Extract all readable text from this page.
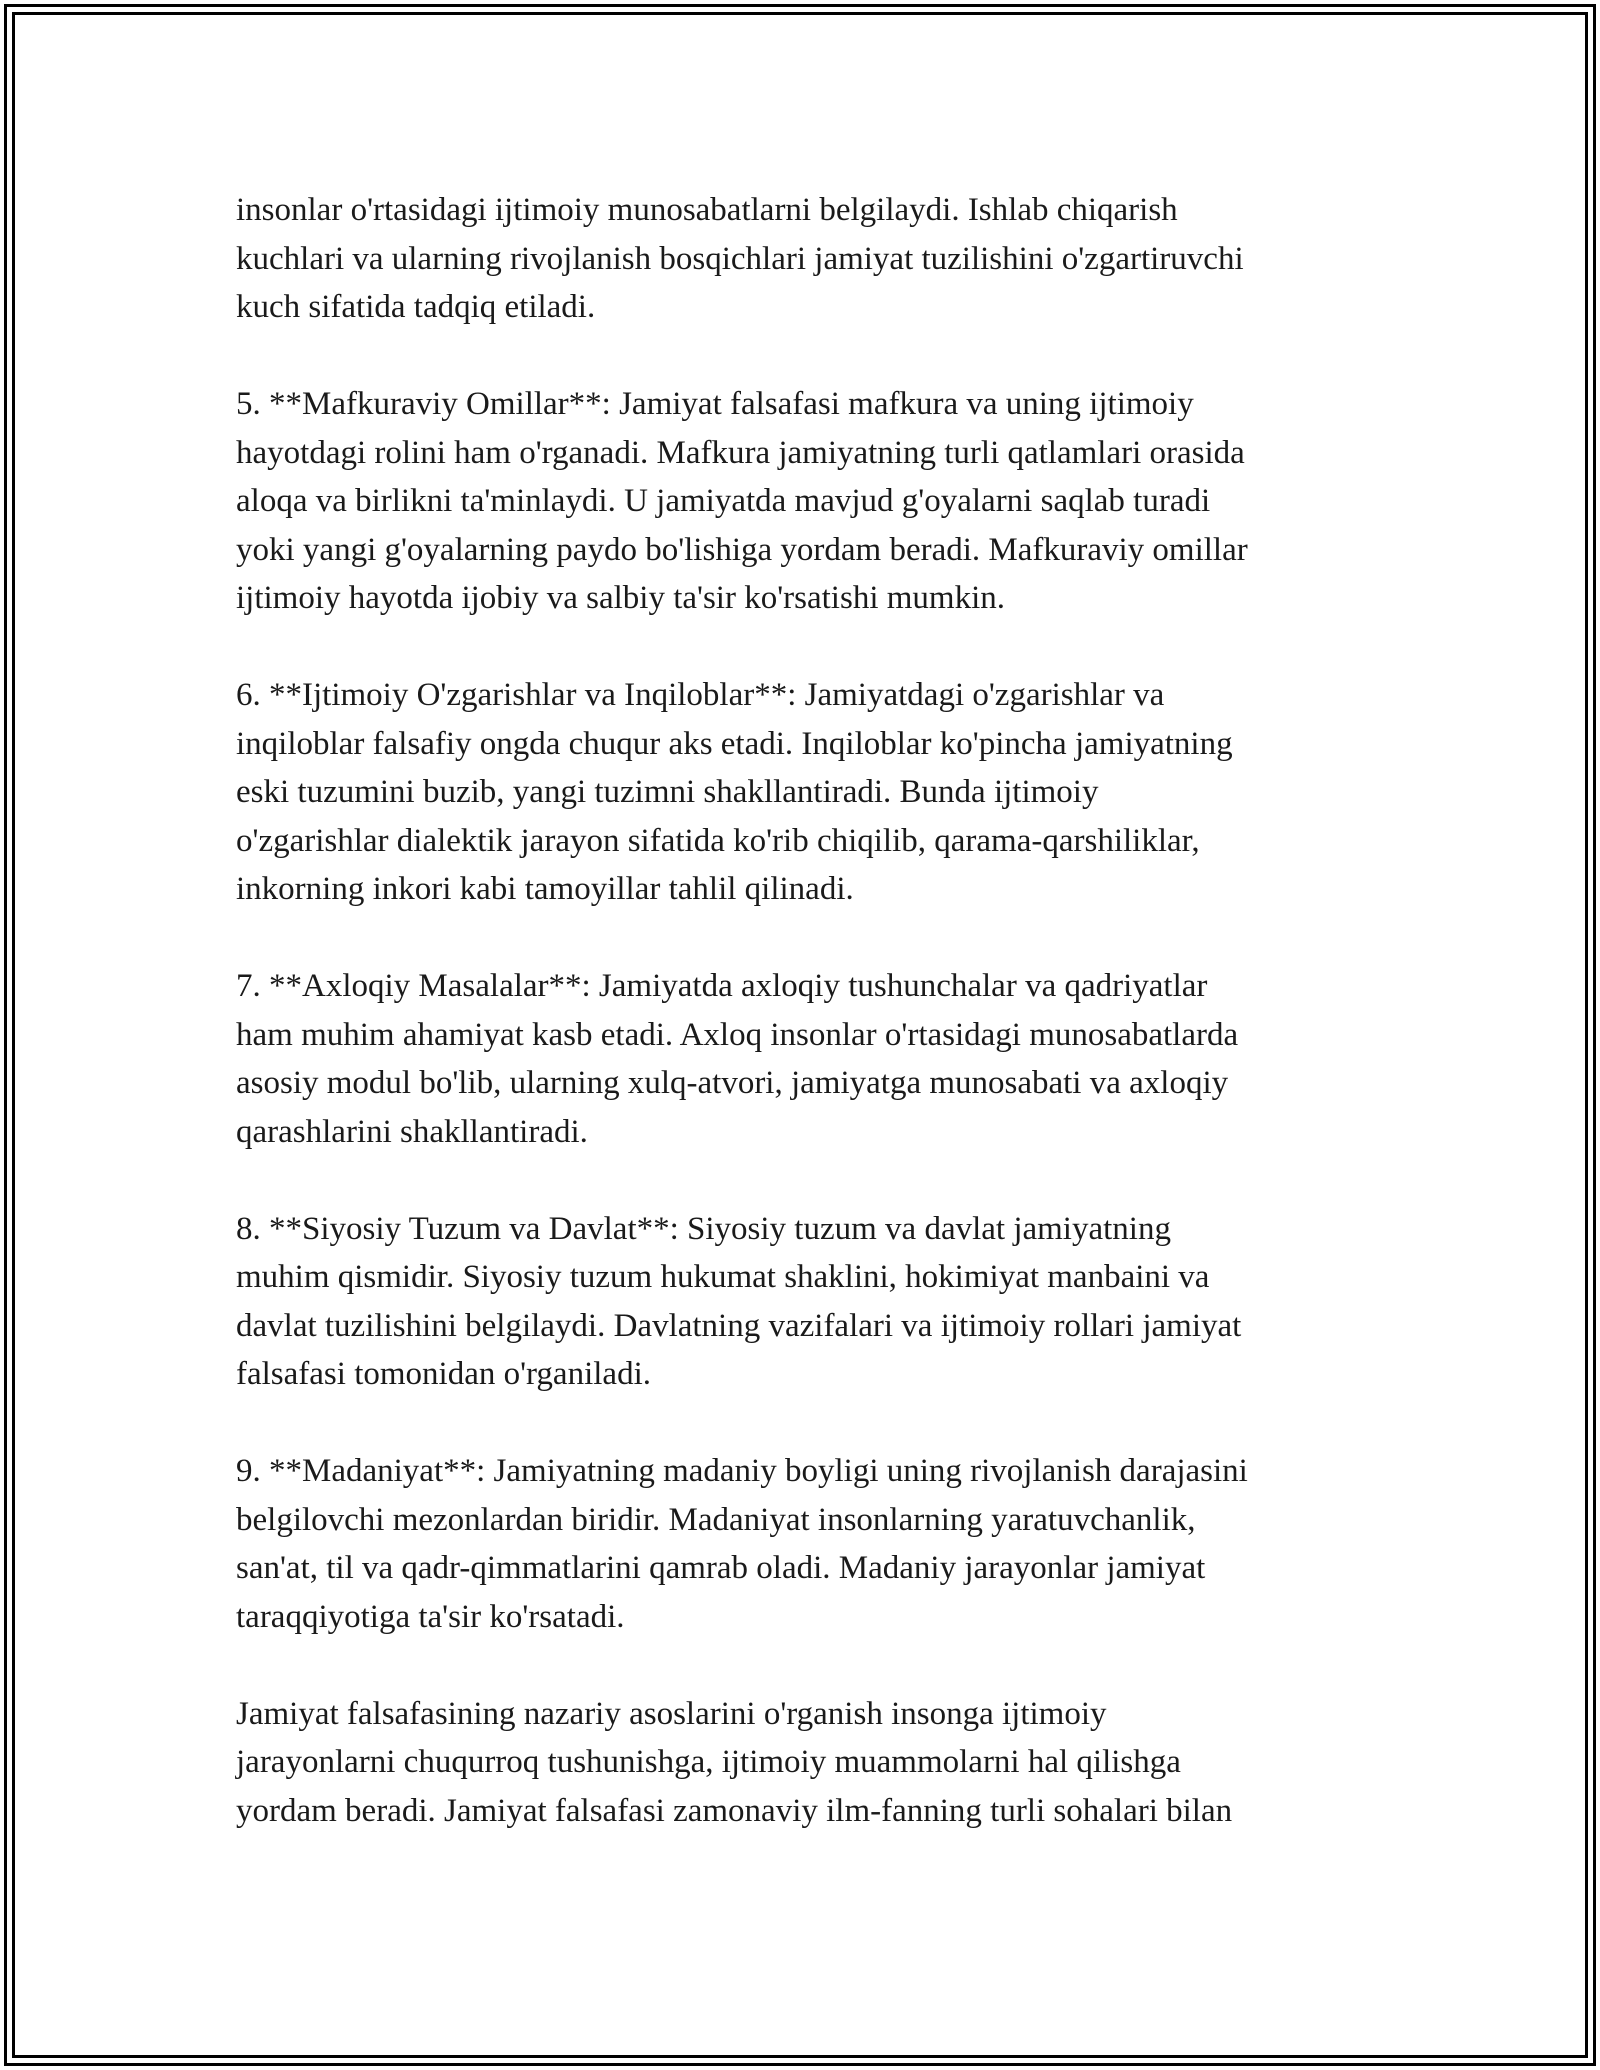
insonlar o'rtasidagi ijtimoiy munosabatlarni belgilaydi. Ishlab chiqarish
kuchlari va ularning rivojlanish bosqichlari jamiyat tuzilishini o'zgartiruvchi
kuch sifatida tadqiq etiladi.

5. **Mafkuraviy Omillar**: Jamiyat falsafasi mafkura va uning ijtimoiy
hayotdagi rolini ham o'rganadi. Mafkura jamiyatning turli qatlamlari orasida
aloqa va birlikni ta'minlaydi. U jamiyatda mavjud g'oyalarni saqlab turadi
yoki yangi g'oyalarning paydo bo'lishiga yordam beradi. Mafkuraviy omillar
ijtimoiy hayotda ijobiy va salbiy ta'sir ko'rsatishi mumkin.

6. **Ijtimoiy O'zgarishlar va Inqiloblar**: Jamiyatdagi o'zgarishlar va
inqiloblar falsafiy ongda chuqur aks etadi. Inqiloblar ko'pincha jamiyatning
eski tuzumini buzib, yangi tuzimni shakllantiradi. Bunda ijtimoiy
o'zgarishlar dialektik jarayon sifatida ko'rib chiqilib, qarama-qarshiliklar,
inkorning inkori kabi tamoyillar tahlil qilinadi.

7. **Axloqiy Masalalar**: Jamiyatda axloqiy tushunchalar va qadriyatlar
ham muhim ahamiyat kasb etadi. Axloq insonlar o'rtasidagi munosabatlarda
asosiy modul bo'lib, ularning xulq-atvori, jamiyatga munosabati va axloqiy
qarashlarini shakllantiradi.

8. **Siyosiy Tuzum va Davlat**: Siyosiy tuzum va davlat jamiyatning
muhim qismidir. Siyosiy tuzum hukumat shaklini, hokimiyat manbaini va
davlat tuzilishini belgilaydi. Davlatning vazifalari va ijtimoiy rollari jamiyat
falsafasi tomonidan o'rganiladi.

9. **Madaniyat**: Jamiyatning madaniy boyligi uning rivojlanish darajasini
belgilovchi mezonlardan biridir. Madaniyat insonlarning yaratuvchanlik,
san'at, til va qadr-qimmatlarini qamrab oladi. Madaniy jarayonlar jamiyat
taraqqiyotiga ta'sir ko'rsatadi.

Jamiyat falsafasining nazariy asoslarini o'rganish insonga ijtimoiy
jarayonlarni chuqurroq tushunishga, ijtimoiy muammolarni hal qilishga
yordam beradi. Jamiyat falsafasi zamonaviy ilm-fanning turli sohalari bilan
